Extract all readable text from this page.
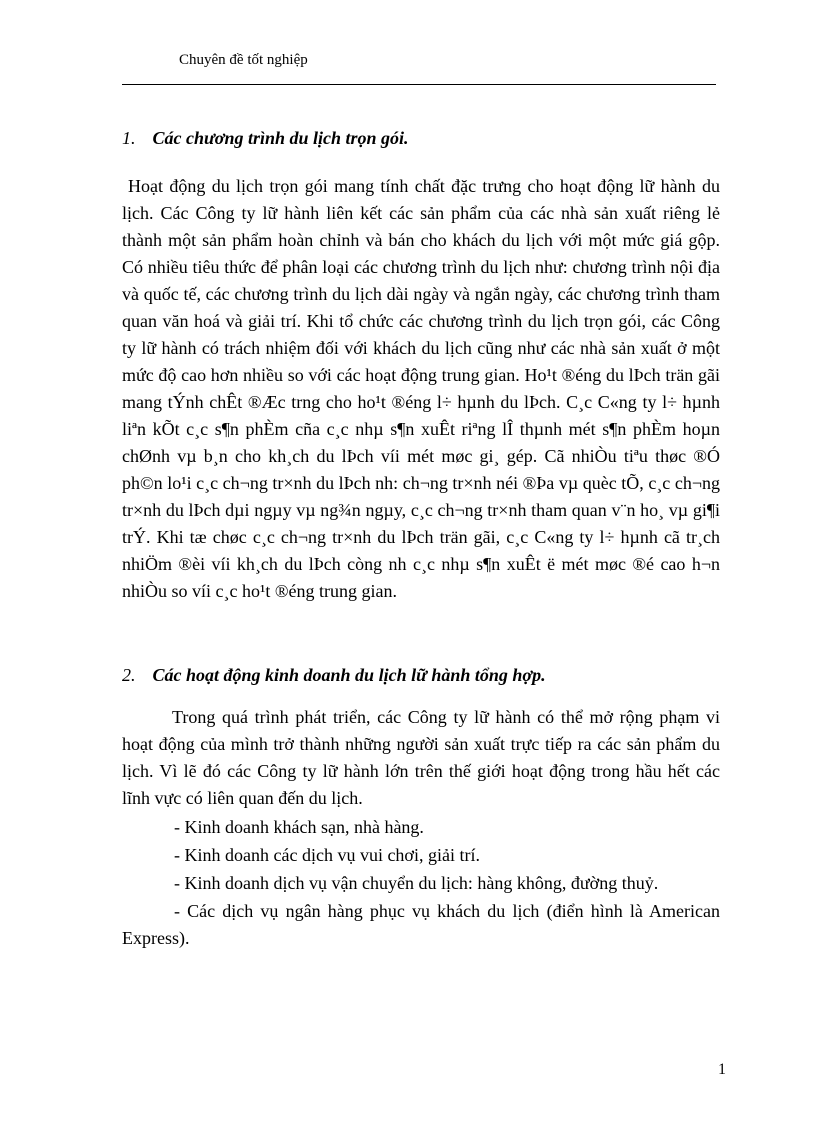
Chuyên đề tốt nghiệp
1. Các chương trình du lịch trọn gói.

Hoạt động du lịch trọn gói mang tính chất đặc trưng cho hoạt động lữ hành du lịch. Các Công ty lữ hành liên kết các sản phẩm của các nhà sản xuất riêng lẻ thành một sản phẩm hoàn chỉnh và bán cho khách du lịch với một mức giá gộp. Có nhiều tiêu thức để phân loại các chương trình du lịch như: chương trình nội địa và quốc tế, các chương trình du lịch dài ngày và ngắn ngày, các chương trình tham quan văn hoá và giải trí. Khi tổ chức các chương trình du lịch trọn gói, các Công ty lữ hành có trách nhiệm đối với khách du lịch cũng như các nhà sản xuất ở một mức độ cao hơn nhiều so với các hoạt động trung gian. Ho¹t ®éng du lÞch trän gãi mang tÝnh chÊt ®Æc trng cho ho¹t ®éng l÷ hµnh du lÞch. C¸c C«ng ty l÷ hµnh liªn kÕt c¸c s¶n phÈm cña c¸c nhµ s¶n xuÊt riªng lÎ thµnh mét s¶n phÈm hoµn chØnh vµ b¸n cho kh¸ch du lÞch víi mét møc gi¸ gép. Cã nhiÒu tiªu thøc ®Ó ph©n lo¹i c¸c ch¬ng tr×nh du lÞch nh: ch¬ng tr×nh néi ®Þa vµ quèc tÕ, c¸c ch¬ng tr×nh du lÞch dµi ngµy vµ ng¾n ngµy, c¸c ch¬ng tr×nh tham quan v¨n ho¸ vµ gi¶i trÝ. Khi tæ chøc c¸c ch¬ng tr×nh du lÞch trän gãi, c¸c C«ng ty l÷ hµnh cã tr¸ch nhiÖm ®èi víi kh¸ch du lÞch còng nh c¸c nhµ s¶n xuÊt ë mét møc ®é cao h¬n nhiÒu so víi c¸c ho¹t ®éng trung gian.

2. Các hoạt động kinh doanh du lịch lữ hành tổng hợp.

Trong quá trình phát triển, các Công ty lữ hành có thể mở rộng phạm vi hoạt động của mình trở thành những người sản xuất trực tiếp ra các sản phẩm du lịch. Vì lẽ đó các Công ty lữ hành lớn trên thế giới hoạt động trong hầu hết các lĩnh vực có liên quan đến du lịch.

- Kinh doanh khách sạn, nhà hàng.

- Kinh doanh các dịch vụ vui chơi, giải trí.

- Kinh doanh dịch vụ vận chuyển du lịch: hàng không, đường thuỷ.

- Các dịch vụ ngân hàng phục vụ khách du lịch (điển hình là American Express).

1
